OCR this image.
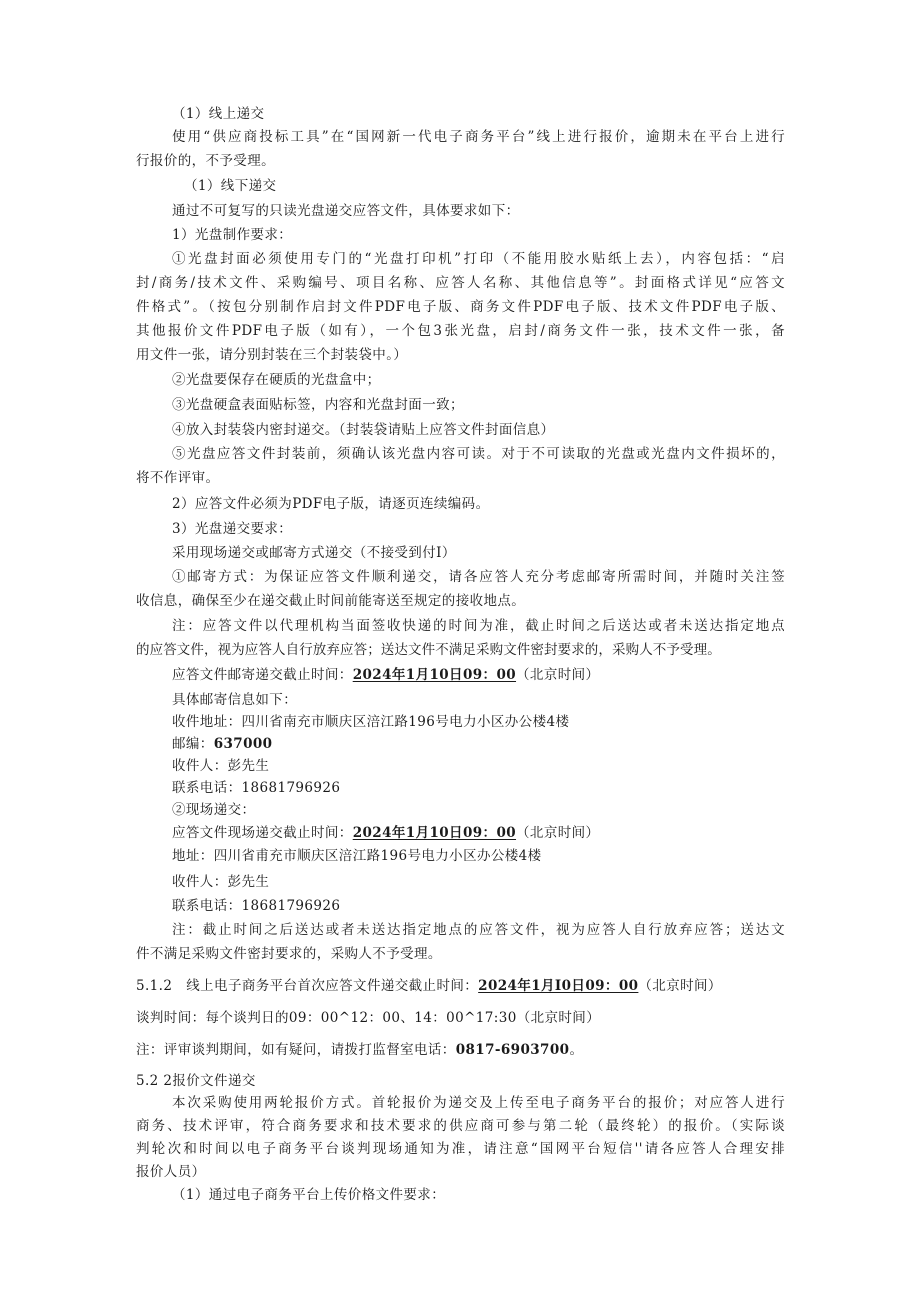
（1）线上递交
使用“供应商投标工具”在“国网新一代电子商务平台”线上进行报价，逾期未在平台上进行
行报价的，不予受理。
（1）线下递交
通过不可复写的只读光盘递交应答文件，具体要求如下：
1）光盘制作要求：
①光盘封面必须使用专门的“光盘打印机”打印（不能用胶水贴纸上去），内容包括：“启
封/商务/技术文件、采购编号、项目名称、应答人名称、其他信息等”。封面格式详见“应答文
件格式”。（按包分别制作启封文件PDF电子版、商务文件PDF电子版、技术文件PDF电子版、
其他报价文件PDF电子版（如有），一个包3张光盘，启封/商务文件一张，技术文件一张，备
用文件一张，请分别封装在三个封装袋中。）
②光盘要保存在硬质的光盘盒中；
③光盘硬盒表面贴标签，内容和光盘封面一致；
④放入封装袋内密封递交。（封装袋请贴上应答文件封面信息）
⑤光盘应答文件封装前，须确认该光盘内容可读。对于不可读取的光盘或光盘内文件损坏的，
将不作评审。
2）应答文件必须为PDF电子版，请逐页连续编码。
3）光盘递交要求：
采用现场递交或邮寄方式递交（不接受到付I）
①邮寄方式：为保证应答文件顺利递交，请各应答人充分考虑邮寄所需时间，并随时关注签
收信息，确保至少在递交截止时间前能寄送至规定的接收地点。
注：应答文件以代理机构当面签收快递的时间为准，截止时间之后送达或者未送达指定地点
的应答文件，视为应答人自行放弃应答；送达文件不满足采购文件密封要求的，采购人不予受理。
应答文件邮寄递交截止时间：2024年1月10日09：00（北京时间）
具体邮寄信息如下：
收件地址：四川省南充市顺庆区涪江路196号电力小区办公楼4楼
邮编：637000
收件人：彭先生
联系电话：18681796926
②现场递交：
应答文件现场递交截止时间：2024年1月10日09：00（北京时间）
地址：四川省甫充市顺庆区涪江路196号电力小区办公楼4楼
收件人：彭先生
联系电话：18681796926
注：截止时间之后送达或者未送达指定地点的应答文件，视为应答人自行放弃应答；送达文
件不满足采购文件密封要求的，采购人不予受理。
5.1.2　线上电子商务平台首次应答文件递交截止时间：2024年1月I0日09：00（北京时间）
谈判时间：每个谈判日的09：00^12：00、14：00^17:30（北京时间）
注：评审谈判期间，如有疑问，请拨打监督室电话：0817-6903700。
5.2 2报价文件递交
本次采购使用两轮报价方式。首轮报价为递交及上传至电子商务平台的报价；对应答人进行
商务、技术评审，符合商务要求和技术要求的供应商可参与第二轮（最终轮）的报价。（实际谈
判轮次和时间以电子商务平台谈判现场通知为准，请注意“国网平台短信''请各应答人合理安排
报价人员）
（1）通过电子商务平台上传价格文件要求：
